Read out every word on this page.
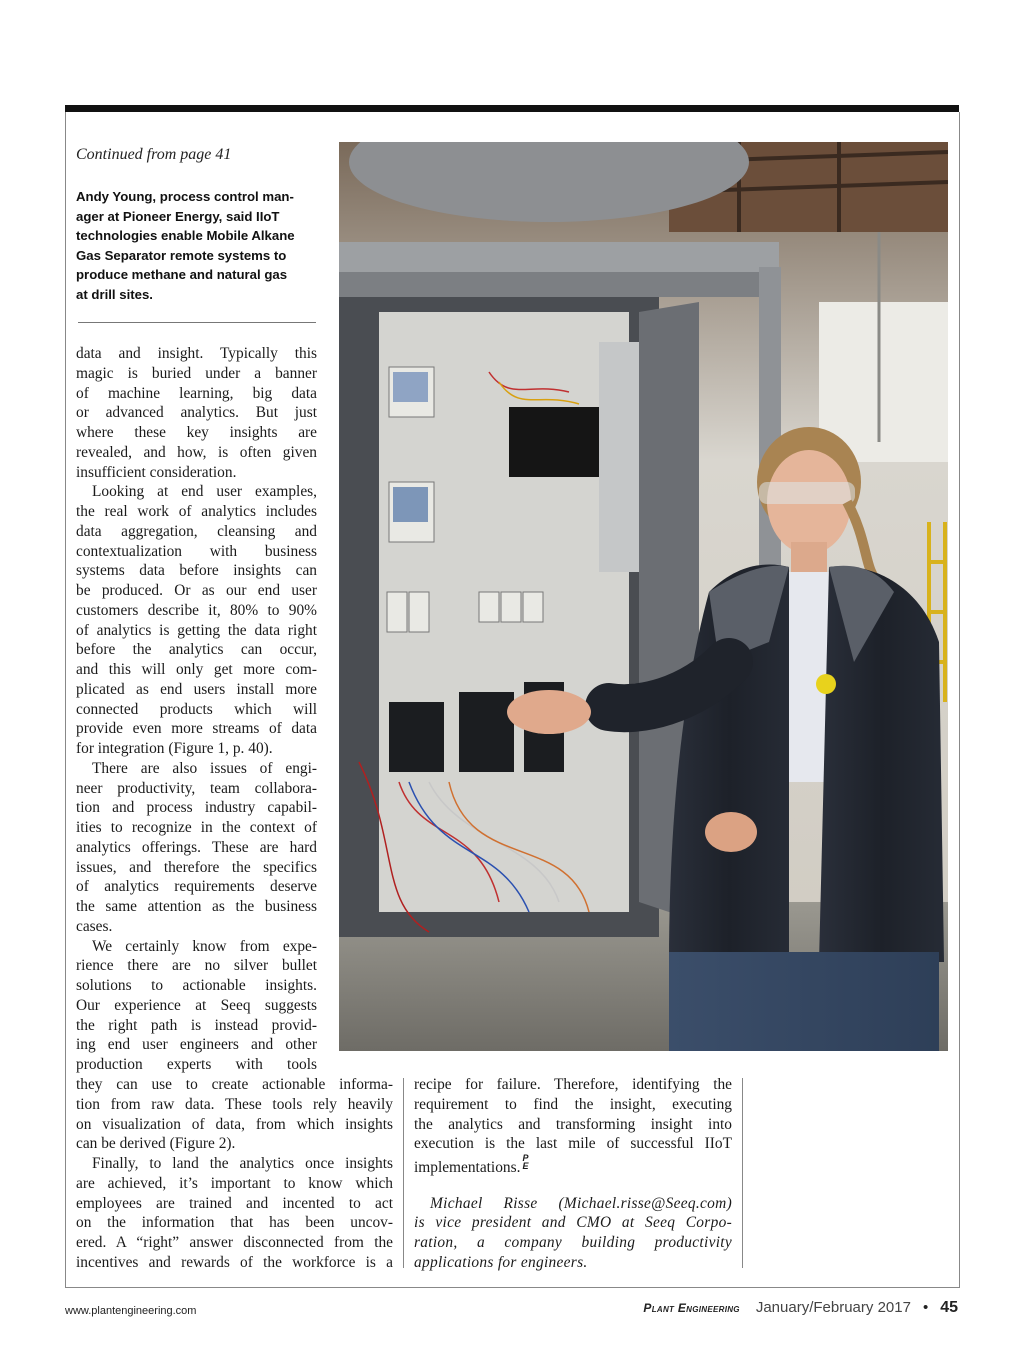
Continued from page 41
Andy Young, process control man-
ager at Pioneer Energy, said IIoT
technologies enable Mobile Alkane
Gas Separator remote systems to
produce methane and natural gas
at drill sites.
data and insight. Typically this
magic is buried under a banner
of machine learning, big data
or advanced analytics. But just
where these key insights are
revealed, and how, is often given
insufficient consideration.
Looking at end user examples,
the real work of analytics includes
data aggregation, cleansing and
contextualization with business
systems data before insights can
be produced. Or as our end user
customers describe it, 80% to 90%
of analytics is getting the data right
before the analytics can occur,
and this will only get more com-
plicated as end users install more
connected products which will
provide even more streams of data
for integration (Figure 1, p. 40).
There are also issues of engi-
neer productivity, team collabora-
tion and process industry capabil-
ities to recognize in the context of
analytics offerings. These are hard
issues, and therefore the specifics
of analytics requirements deserve
the same attention as the business
cases.
We certainly know from expe-
rience there are no silver bullet
solutions to actionable insights.
Our experience at Seeq suggests
the right path is instead provid-
ing end user engineers and other
production experts with tools
they can use to create actionable informa-
tion from raw data. These tools rely heavily
on visualization of data, from which insights
can be derived (Figure 2).
Finally, to land the analytics once insights
are achieved, it’s important to know which
employees are trained and incented to act
on the information that has been uncov-
ered. A “right” answer disconnected from the
incentives and rewards of the workforce is a
recipe for failure. Therefore, identifying the
requirement to find the insight, executing
the analytics and transforming insight into
execution is the last mile of successful IIoT
implementations.P
E
Michael Risse (Michael.risse@Seeq.com)
is vice president and CMO at Seeq Corpo-
ration, a company building productivity
applications for engineers.
www.plantengineering.com	Plant Engineering January/February 2017 • 45
